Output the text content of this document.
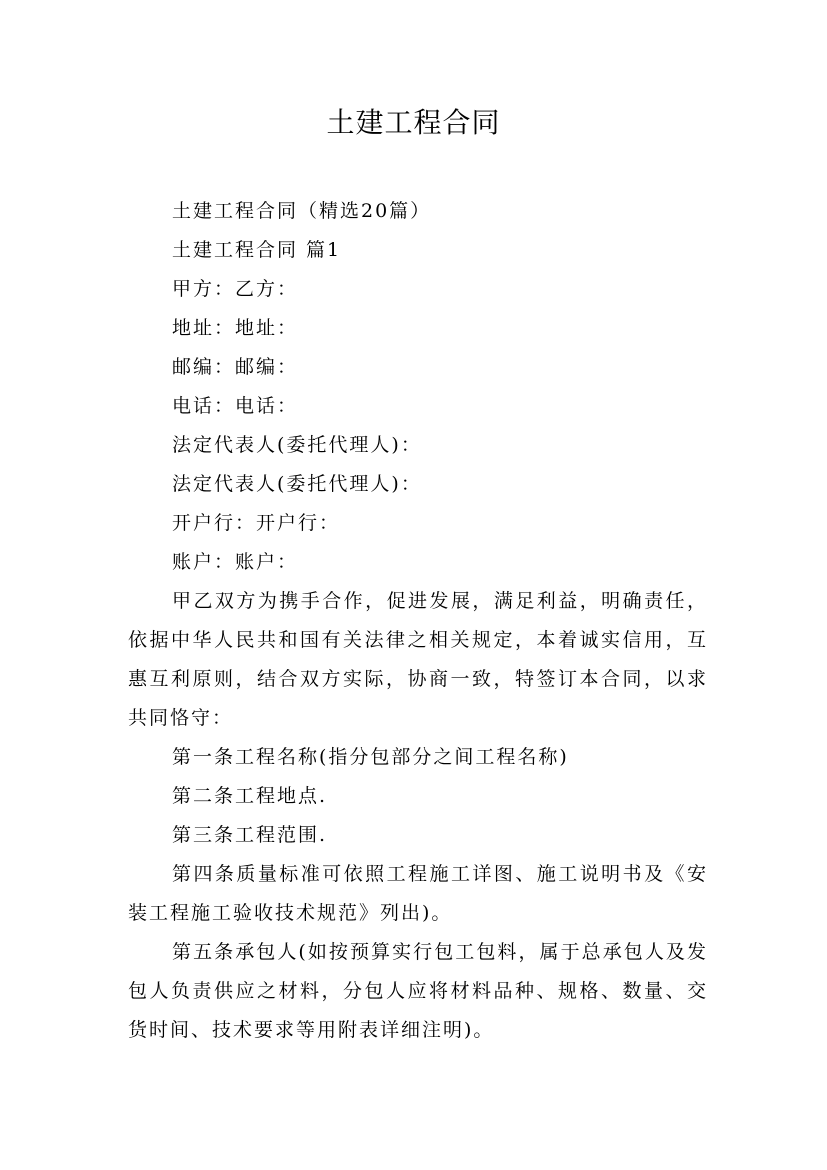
土建工程合同

土建工程合同（精选20篇）

土建工程合同 篇1

甲方：乙方：

地址：地址：

邮编：邮编：

电话：电话：

法定代表人(委托代理人)：

法定代表人(委托代理人)：

开户行：开户行：

账户：账户：

甲乙双方为携手合作，促进发展，满足利益，明确责任，依据中华人民共和国有关法律之相关规定，本着诚实信用，互惠互利原则，结合双方实际，协商一致，特签订本合同，以求共同恪守：

第一条工程名称(指分包部分之间工程名称)

第二条工程地点.

第三条工程范围.

第四条质量标准可依照工程施工详图、施工说明书及《安装工程施工验收技术规范》列出)。

第五条承包人(如按预算实行包工包料，属于总承包人及发包人负责供应之材料，分包人应将材料品种、规格、数量、交货时间、技术要求等用附表详细注明)。
